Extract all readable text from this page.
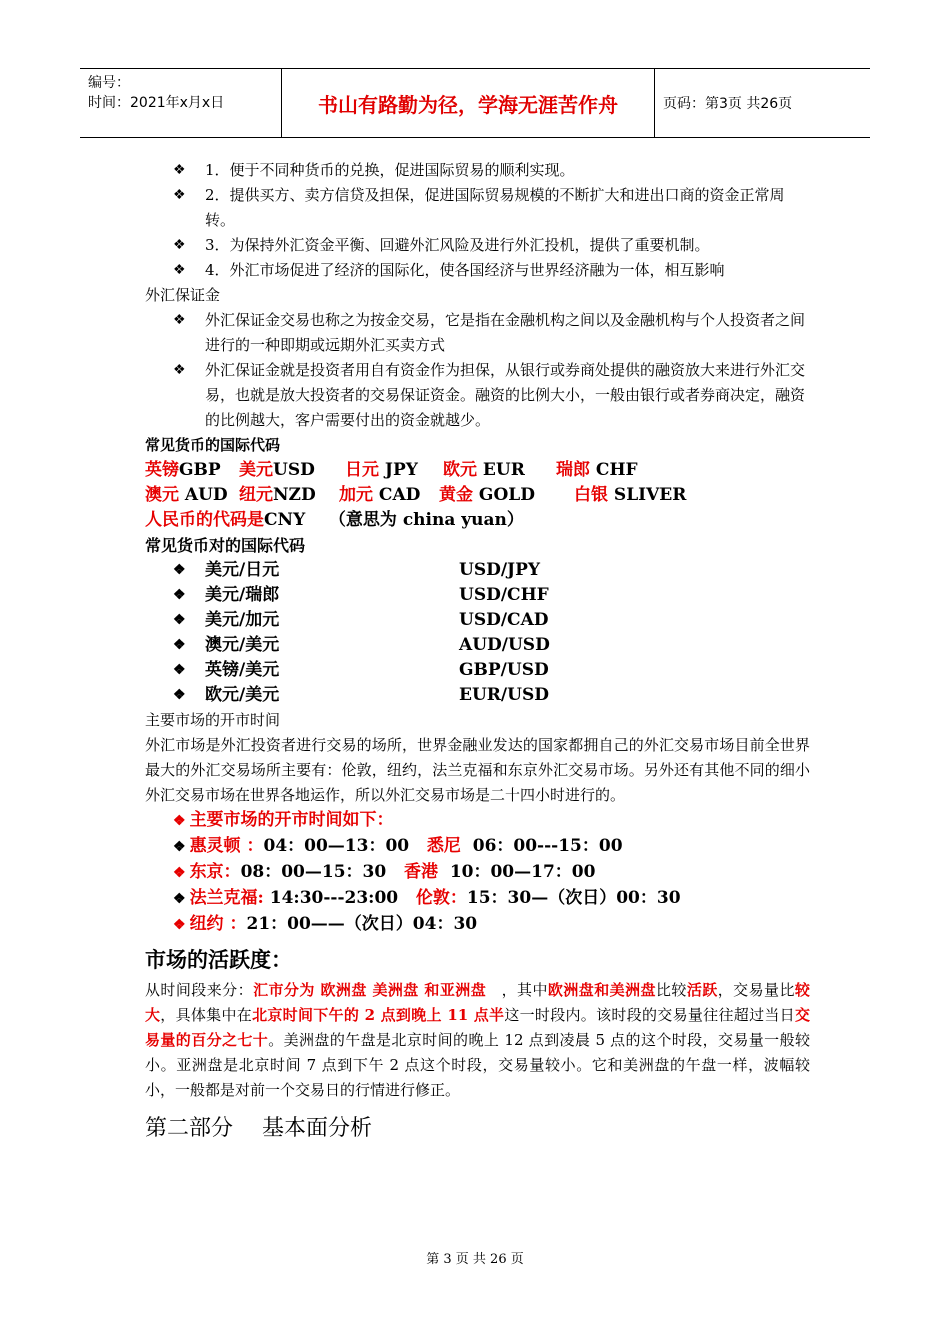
编号：
时间：2021年x月x日	书山有路勤为径，学海无涯苦作舟	页码：第3页 共26页
❖	1．便于不同种货币的兑换，促进国际贸易的顺利实现。
❖	2．提供买方、卖方信贷及担保，促进国际贸易规模的不断扩大和进出口商的资金正常周转。
❖	3．为保持外汇资金平衡、回避外汇风险及进行外汇投机，提供了重要机制。
❖	4．外汇市场促进了经济的国际化，使各国经济与世界经济融为一体，相互影响
外汇保证金
❖	外汇保证金交易也称之为按金交易，它是指在金融机构之间以及金融机构与个人投资者之间进行的一种即期或远期外汇买卖方式
❖	外汇保证金就是投资者用自有资金作为担保，从银行或券商处提供的融资放大来进行外汇交易，也就是放大投资者的交易保证资金。融资的比例大小，一般由银行或者券商决定，融资的比例越大，客户需要付出的资金就越少。
常见货币的国际代码
英镑GBP 美元USD 日元 JPY 欧元 EUR 瑞郎 CHF
澳元 AUD 纽元NZD 加元 CAD 黄金 GOLD 白银 SLIVER
人民币的代码是CNY （意思为 china yuan）
常见货币对的国际代码
❖	美元/日元	USD/JPY
❖	美元/瑞郎	USD/CHF
❖	美元/加元	USD/CAD
❖	澳元/美元	AUD/USD
❖	英镑/美元	GBP/USD
❖	欧元/美元	EUR/USD
主要市场的开市时间
外汇市场是外汇投资者进行交易的场所，世界金融业发达的国家都拥自己的外汇交易市场目前全世界最大的外汇交易场所主要有：伦敦，纽约，法兰克福和东京外汇交易市场。另外还有其他不同的细小外汇交易市场在世界各地运作，所以外汇交易市场是二十四小时进行的。
❖ 主要市场的开市时间如下：
❖ 惠灵顿 ：04：00—13：00 悉尼 06：00---15：00
❖ 东京：08：00—15：30 香港 10：00—17：00
❖ 法兰克福: 14:30---23:00 伦敦：15：30—（次日）00：30
❖ 纽约 ：21：00——（次日）04：30
市场的活跃度：
从时间段来分：汇市分为 欧洲盘 美洲盘 和亚洲盘　，其中欧洲盘和美洲盘比较活跃，交易量比较大，具体集中在北京时间下午的 2 点到晚上 11 点半这一时段内。该时段的交易量往往超过当日交易量的百分之七十。美洲盘的午盘是北京时间的晚上 12 点到凌晨 5 点的这个时段，交易量一般较小。亚洲盘是北京时间 7 点到下午 2 点这个时段，交易量较小。它和美洲盘的午盘一样，波幅较小，一般都是对前一个交易日的行情进行修正。
第二部分　 基本面分析
第 3 页 共 26 页
